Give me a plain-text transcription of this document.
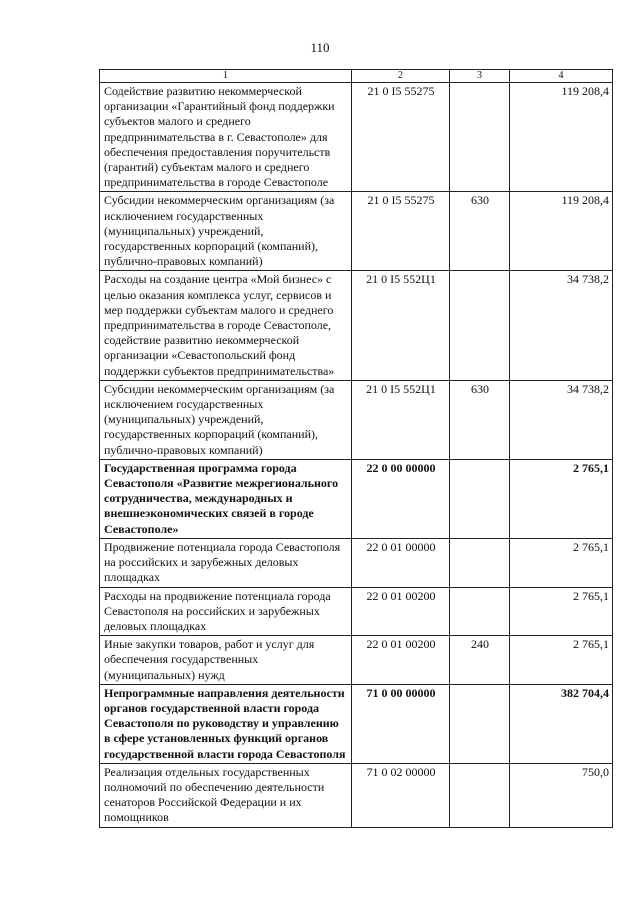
110
1	2	3	4
Содействие развитию некоммерческой организации «Гарантийный фонд поддержки субъектов малого и среднего предпринимательства в г. Севастополе» для обеспечения предоставления поручительств (гарантий) субъектам малого и среднего предпринимательства в городе Севастополе	21 0 I5 55275		119 208,4
Субсидии некоммерческим организациям (за исключением государственных (муниципальных) учреждений, государственных корпораций (компаний), публично-правовых компаний)	21 0 I5 55275	630	119 208,4
Расходы на создание центра «Мой бизнес» с целью оказания комплекса услуг, сервисов и мер поддержки субъектам малого и среднего предпринимательства в городе Севастополе, содействие развитию некоммерческой организации «Севастопольский фонд поддержки субъектов предпринимательства»	21 0 I5 552Ц1		34 738,2
Субсидии некоммерческим организациям (за исключением государственных (муниципальных) учреждений, государственных корпораций (компаний), публично-правовых компаний)	21 0 I5 552Ц1	630	34 738,2
Государственная программа города Севастополя «Развитие межрегионального сотрудничества, международных и внешнеэкономических связей в городе Севастополе»	22 0 00 00000		2 765,1
Продвижение потенциала города Севастополя на российских и зарубежных деловых площадках	22 0 01 00000		2 765,1
Расходы на продвижение потенциала города Севастополя на российских и зарубежных деловых площадках	22 0 01 00200		2 765,1
Иные закупки товаров, работ и услуг для обеспечения государственных (муниципальных) нужд	22 0 01 00200	240	2 765,1
Непрограммные направления деятельности органов государственной власти города Севастополя по руководству и управлению в сфере установленных функций органов государственной власти города Севастополя	71 0 00 00000		382 704,4
Реализация отдельных государственных полномочий по обеспечению деятельности сенаторов Российской Федерации и их помощников	71 0 02 00000		750,0
